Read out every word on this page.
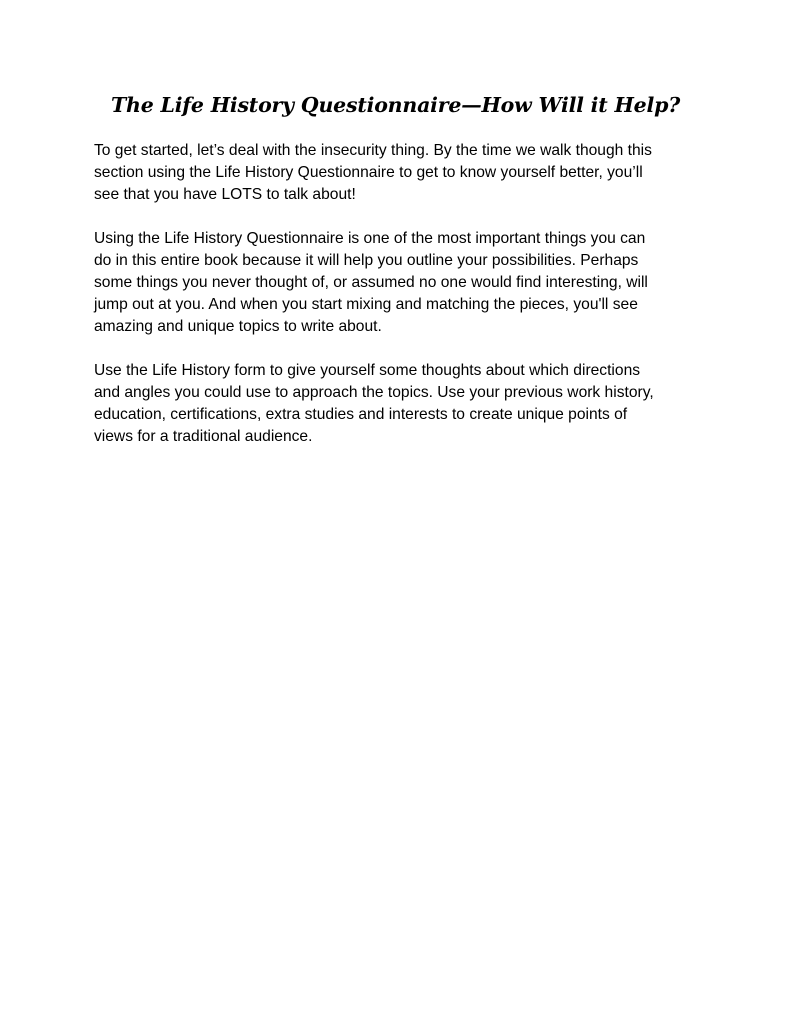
The Life History Questionnaire—How Will it Help?

To get started, let’s deal with the insecurity thing. By the time we walk though this
section using the Life History Questionnaire to get to know yourself better, you’ll
see that you have LOTS to talk about!

Using the Life History Questionnaire is one of the most important things you can
do in this entire book because it will help you outline your possibilities. Perhaps
some things you never thought of, or assumed no one would find interesting, will
jump out at you. And when you start mixing and matching the pieces, you'll see
amazing and unique topics to write about.

Use the Life History form to give yourself some thoughts about which directions
and angles you could use to approach the topics. Use your previous work history,
education, certifications, extra studies and interests to create unique points of
views for a traditional audience.
